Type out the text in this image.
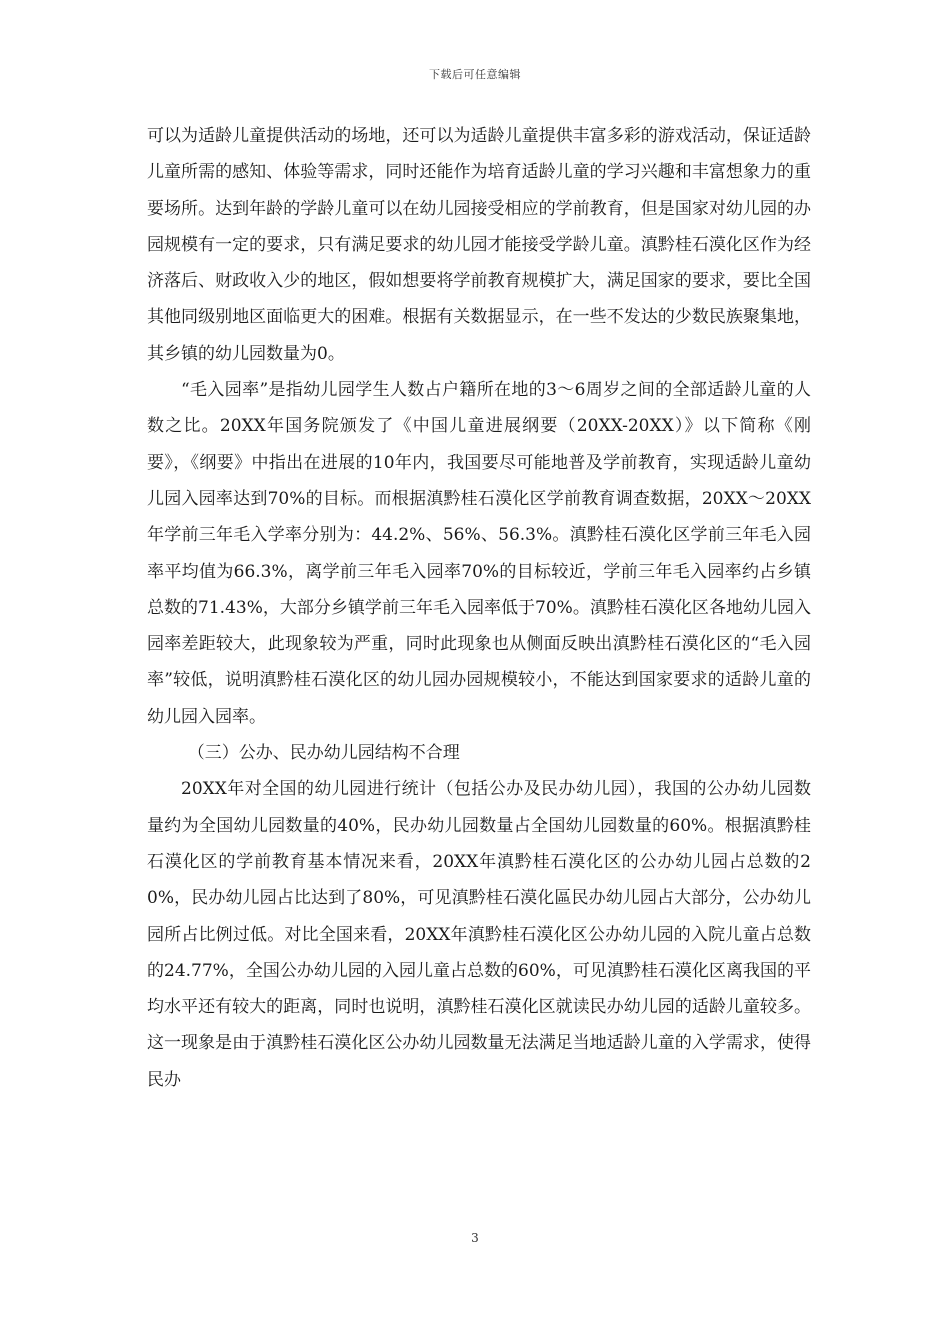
下载后可任意编辑

可以为适龄儿童提供活动的场地，还可以为适龄儿童提供丰富多彩的游戏活动，保证适龄儿童所需的感知、体验等需求，同时还能作为培育适龄儿童的学习兴趣和丰富想象力的重要场所。达到年龄的学龄儿童可以在幼儿园接受相应的学前教育，但是国家对幼儿园的办园规模有一定的要求，只有满足要求的幼儿园才能接受学龄儿童。滇黔桂石漠化区作为经济落后、财政收入少的地区，假如想要将学前教育规模扩大，满足国家的要求，要比全国其他同级别地区面临更大的困难。根据有关数据显示，在一些不发达的少数民族聚集地，其乡镇的幼儿园数量为0。

“毛入园率”是指幼儿园学生人数占户籍所在地的3～6周岁之间的全部适龄儿童的人数之比。20XX年国务院颁发了《中国儿童进展纲要（20XX-20XX）》以下简称《刚要》，《纲要》中指出在进展的10年内，我国要尽可能地普及学前教育，实现适龄儿童幼儿园入园率达到70%的目标。而根据滇黔桂石漠化区学前教育调查数据，20XX～20XX年学前三年毛入学率分别为：44.2%、56%、56.3%。滇黔桂石漠化区学前三年毛入园率平均值为66.3%，离学前三年毛入园率70%的目标较近，学前三年毛入园率约占乡镇总数的71.43%，大部分乡镇学前三年毛入园率低于70%。滇黔桂石漠化区各地幼儿园入园率差距较大，此现象较为严重，同时此现象也从侧面反映出滇黔桂石漠化区的“毛入园率”较低，说明滇黔桂石漠化区的幼儿园办园规模较小，不能达到国家要求的适龄儿童的幼儿园入园率。

（三）公办、民办幼儿园结构不合理

20XX年对全国的幼儿园进行统计（包括公办及民办幼儿园），我国的公办幼儿园数量约为全国幼儿园数量的40%，民办幼儿园数量占全国幼儿园数量的60%。根据滇黔桂石漠化区的学前教育基本情况来看，20XX年滇黔桂石漠化区的公办幼儿园占总数的20%，民办幼儿园占比达到了80%，可见滇黔桂石漠化區民办幼儿园占大部分，公办幼儿园所占比例过低。对比全国来看，20XX年滇黔桂石漠化区公办幼儿园的入院儿童占总数的24.77%，全国公办幼儿园的入园儿童占总数的60%，可见滇黔桂石漠化区离我国的平均水平还有较大的距离，同时也说明，滇黔桂石漠化区就读民办幼儿园的适龄儿童较多。这一现象是由于滇黔桂石漠化区公办幼儿园数量无法满足当地适龄儿童的入学需求，使得民办

3
